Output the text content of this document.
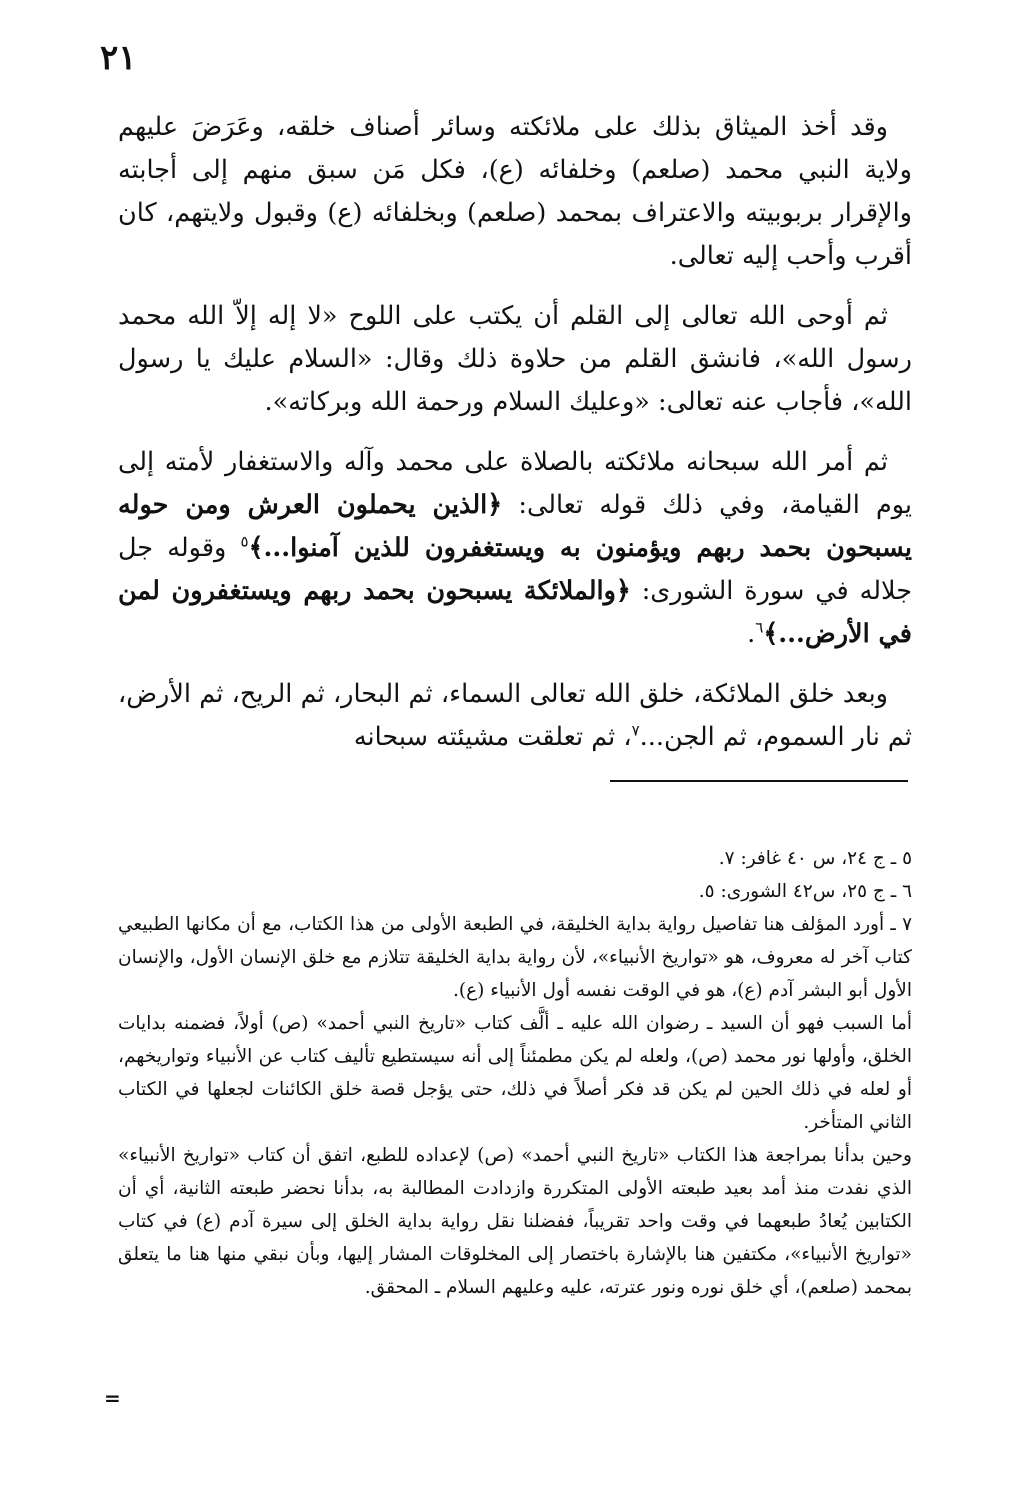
٢١

وقد أخذ الميثاق بذلك على ملائكته وسائر أصناف خلقه، وعَرَضَ عليهم ولاية النبي محمد (صلعم) وخلفائه (ع)، فكل مَن سبق منهم إلى أجابته والإقرار بربوبيته والاعتراف بمحمد (صلعم) وبخلفائه (ع) وقبول ولايتهم، كان أقرب وأحب إليه تعالى.

ثم أوحى الله تعالى إلى القلم أن يكتب على اللوح «لا إله إلاّ الله محمد رسول الله»، فانشق القلم من حلاوة ذلك وقال: «السلام عليك يا رسول الله»، فأجاب عنه تعالى: «وعليك السلام ورحمة الله وبركاته».

ثم أمر الله سبحانه ملائكته بالصلاة على محمد وآله والاستغفار لأمته إلى يوم القيامة، وفي ذلك قوله تعالى: ﴿الذين يحملون العرش ومن حوله يسبحون بحمد ربهم ويؤمنون به ويستغفرون للذين آمنوا...﴾$^٥$ وقوله جل جلاله في سورة الشورى: ﴿والملائكة يسبحون بحمد ربهم ويستغفرون لمن في الأرض...﴾$^٦$.

وبعد خلق الملائكة، خلق الله تعالى السماء، ثم البحار، ثم الريح، ثم الأرض، ثم نار السموم، ثم الجن...$^٧$، ثم تعلقت مشيئته سبحانه

٥ ـ ج ٢٤، س ٤٠ غافر: ٧.

٦ ـ ج ٢٥، س٤٢ الشورى: ٥.

٧ ـ أورد المؤلف هنا تفاصيل رواية بداية الخليقة، في الطبعة الأولى من هذا الكتاب، مع أن مكانها الطبيعي كتاب آخر له معروف، هو «تواريخ الأنبياء»، لأن رواية بداية الخليقة تتلازم مع خلق الإنسان الأول، والإنسان الأول أبو البشر آدم (ع)، هو في الوقت نفسه أول الأنبياء (ع).

أما السبب فهو أن السيد ـ رضوان الله عليه ـ ألَّف كتاب «تاريخ النبي أحمد» (ص) أولاً، فضمنه بدايات الخلق، وأولها نور محمد (ص)، ولعله لم يكن مطمئناً إلى أنه سيستطيع تأليف كتاب عن الأنبياء وتواريخهم، أو لعله في ذلك الحين لم يكن قد فكر أصلاً في ذلك، حتى يؤجل قصة خلق الكائنات لجعلها في الكتاب الثاني المتأخر.

وحين بدأنا بمراجعة هذا الكتاب «تاريخ النبي أحمد» (ص) لإعداده للطبع، اتفق أن كتاب «تواريخ الأنبياء» الذي نفدت منذ أمد بعيد طبعته الأولى المتكررة وازدادت المطالبة به، بدأنا نحضر طبعته الثانية، أي أن الكتابين يُعادُ طبعهما في وقت واحد تقريباً، ففضلنا نقل رواية بداية الخلق إلى سيرة آدم (ع) في كتاب «تواريخ الأنبياء»، مكتفين هنا بالإشارة باختصار إلى المخلوقات المشار إليها، وبأن نبقي منها هنا ما يتعلق بمحمد (صلعم)، أي خلق نوره ونور عترته، عليه وعليهم السلام ـ المحقق.

=
